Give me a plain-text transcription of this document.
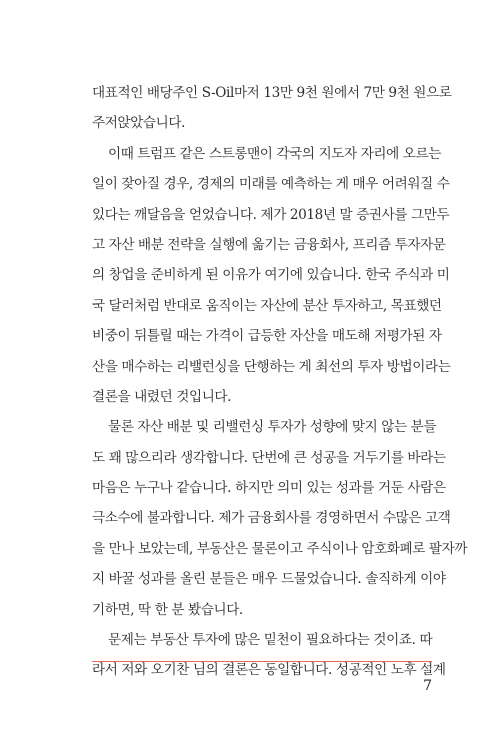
대표적인 배당주인 S-Oil마저 13만 9천 원에서 7만 9천 원으로
주저앉았습니다.
이때 트럼프 같은 스트롱맨이 각국의 지도자 자리에 오르는
일이 잦아질 경우, 경제의 미래를 예측하는 게 매우 어려워질 수
있다는 깨달음을 얻었습니다. 제가 2018년 말 증권사를 그만두
고 자산 배분 전략을 실행에 옮기는 금융회사, 프리즘 투자자문
의 창업을 준비하게 된 이유가 여기에 있습니다. 한국 주식과 미
국 달러처럼 반대로 움직이는 자산에 분산 투자하고, 목표했던
비중이 뒤틀릴 때는 가격이 급등한 자산을 매도해 저평가된 자
산을 매수하는 리밸런싱을 단행하는 게 최선의 투자 방법이라는
결론을 내렸던 것입니다.
물론 자산 배분 및 리밸런싱 투자가 성향에 맞지 않는 분들
도 꽤 많으리라 생각합니다. 단번에 큰 성공을 거두기를 바라는
마음은 누구나 같습니다. 하지만 의미 있는 성과를 거둔 사람은
극소수에 불과합니다. 제가 금융회사를 경영하면서 수많은 고객
을 만나 보았는데, 부동산은 물론이고 주식이나 암호화폐로 팔자까
지 바꿀 성과를 올린 분들은 매우 드물었습니다. 솔직하게 이야
기하면, 딱 한 분 봤습니다.
문제는 부동산 투자에 많은 밑천이 필요하다는 것이죠. 따
라서 저와 오기찬 님의 결론은 동일합니다. 성공적인 노후 설계
7
